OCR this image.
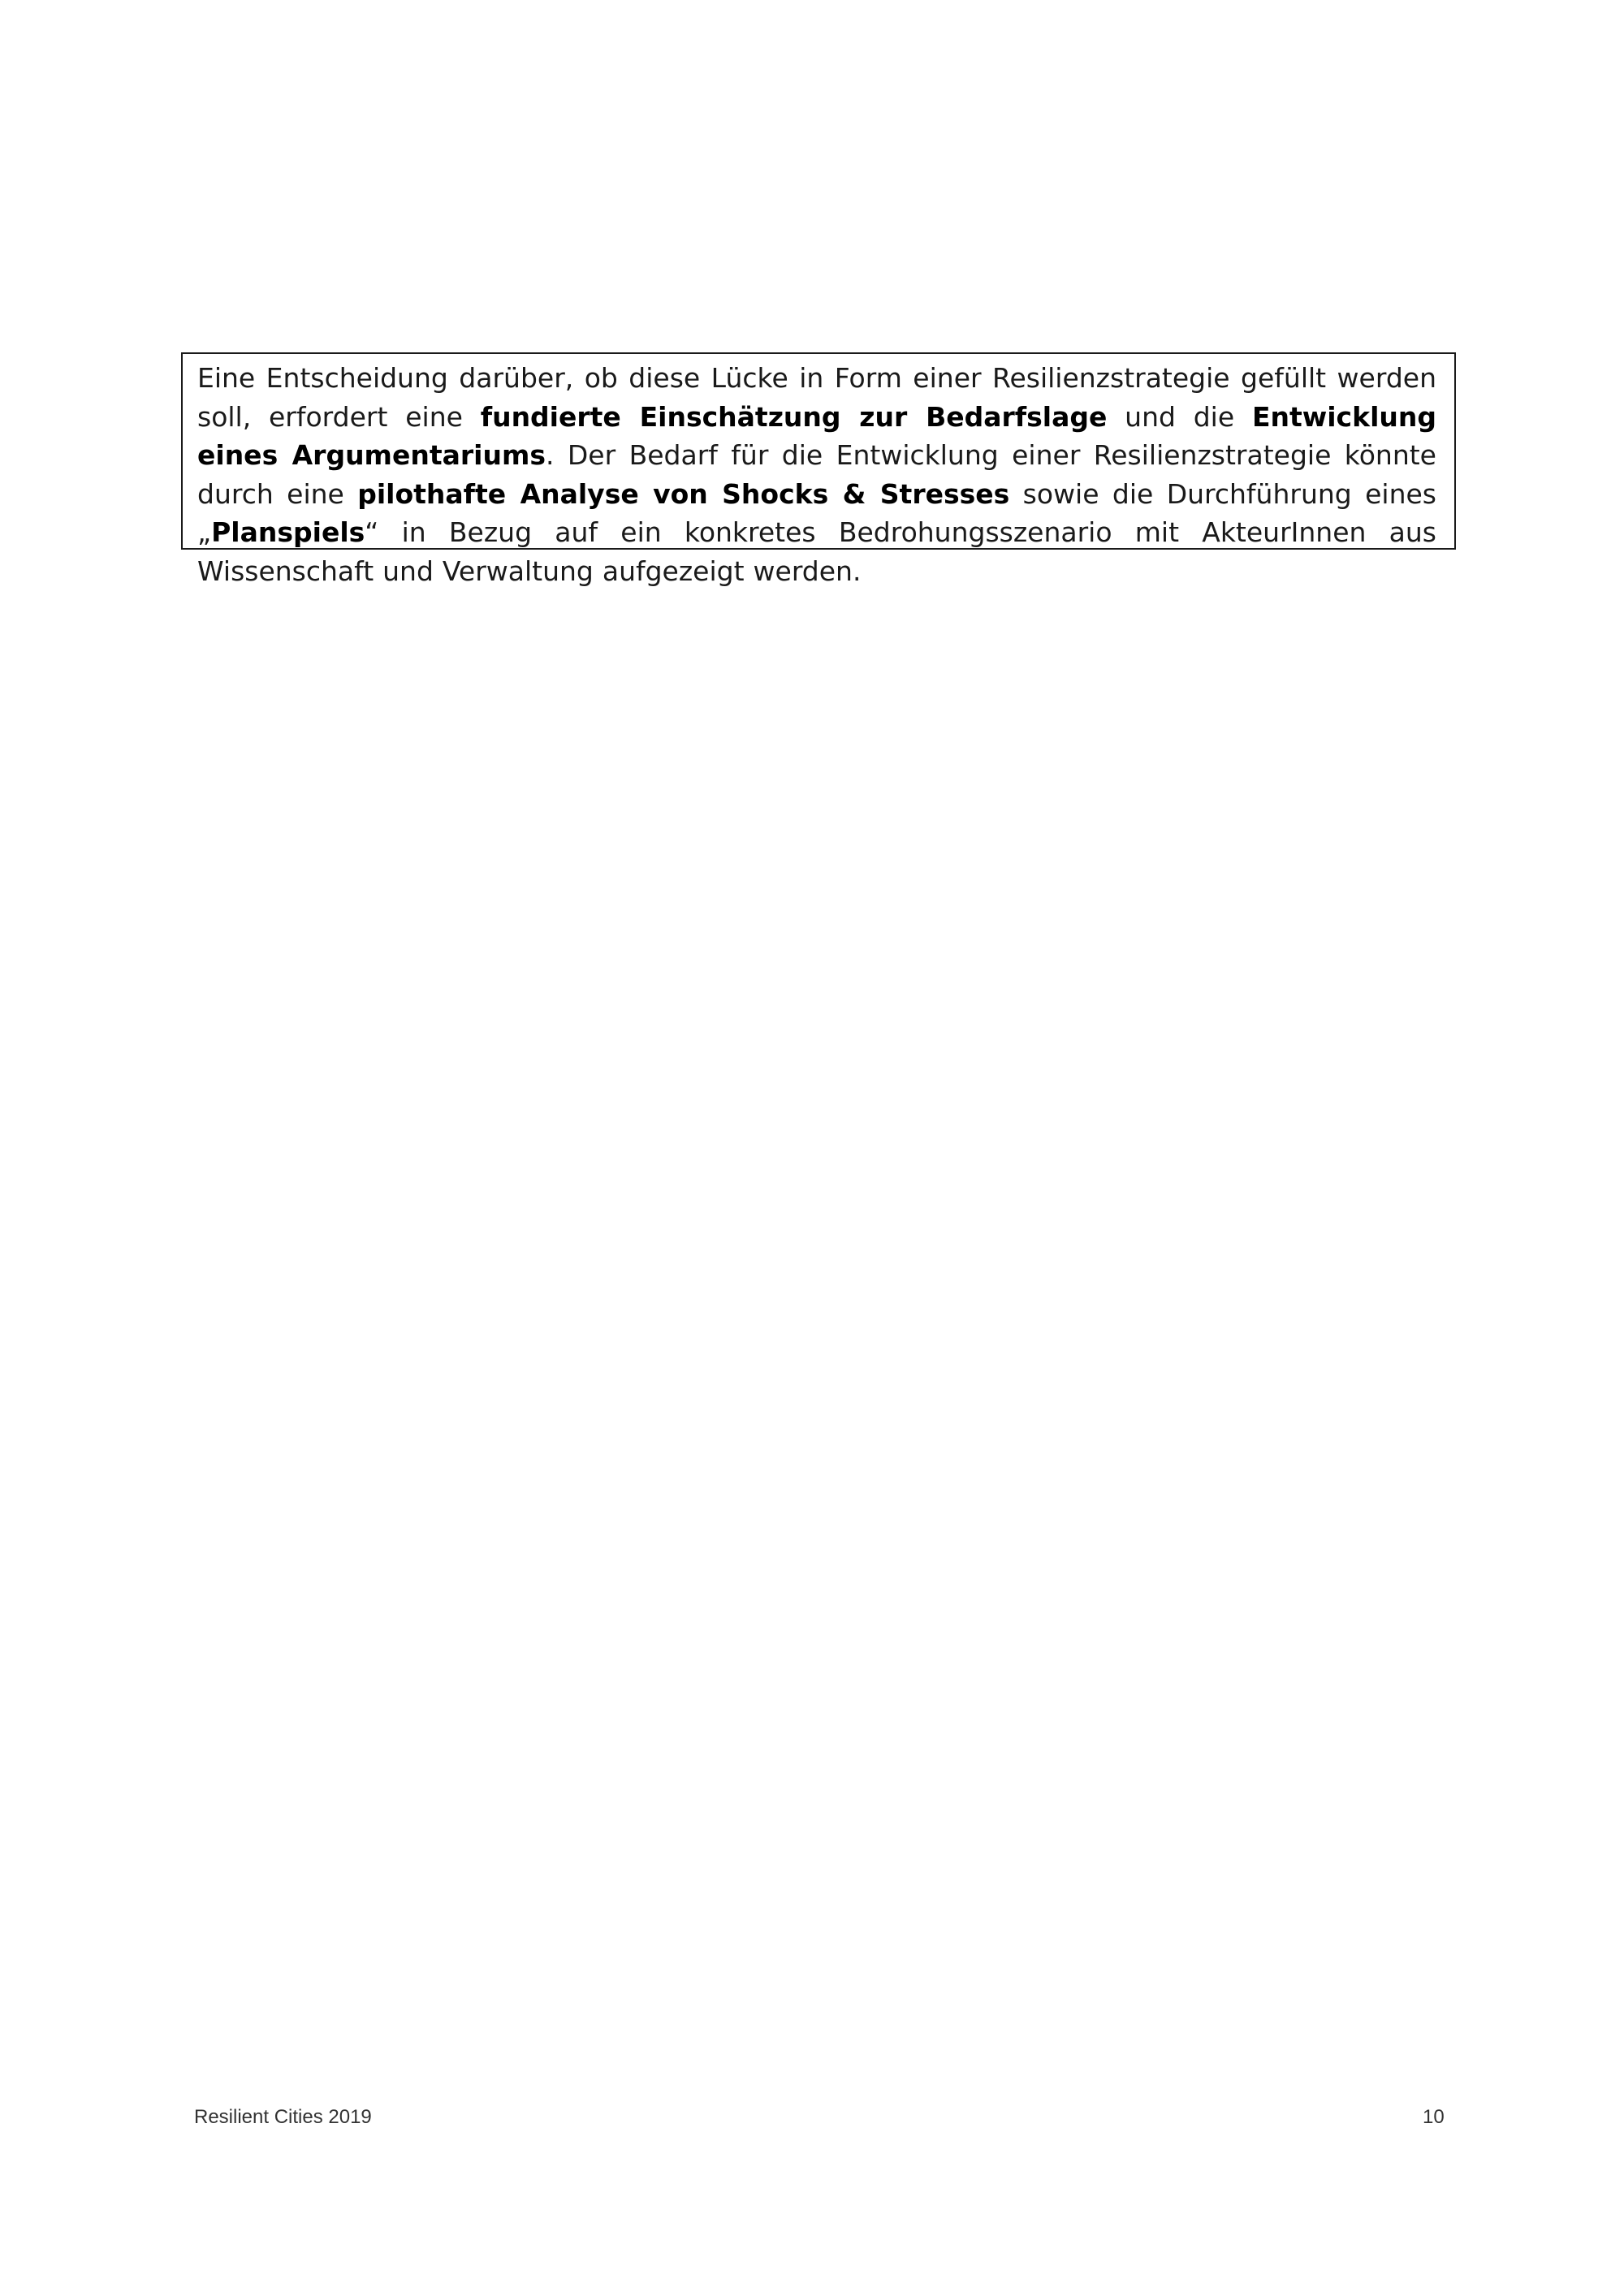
Eine Entscheidung darüber, ob diese Lücke in Form einer Resilienzstrategie gefüllt werden soll, erfordert eine fundierte Einschätzung zur Bedarfslage und die Entwicklung eines Argumentariums. Der Bedarf für die Entwicklung einer Resilienzstrategie könnte durch eine pilothafte Analyse von Shocks & Stresses sowie die Durchführung eines „Planspiels“ in Bezug auf ein konkretes Bedrohungsszenario mit AkteurInnen aus Wissenschaft und Verwaltung aufgezeigt werden.

Resilient Cities 2019	10
